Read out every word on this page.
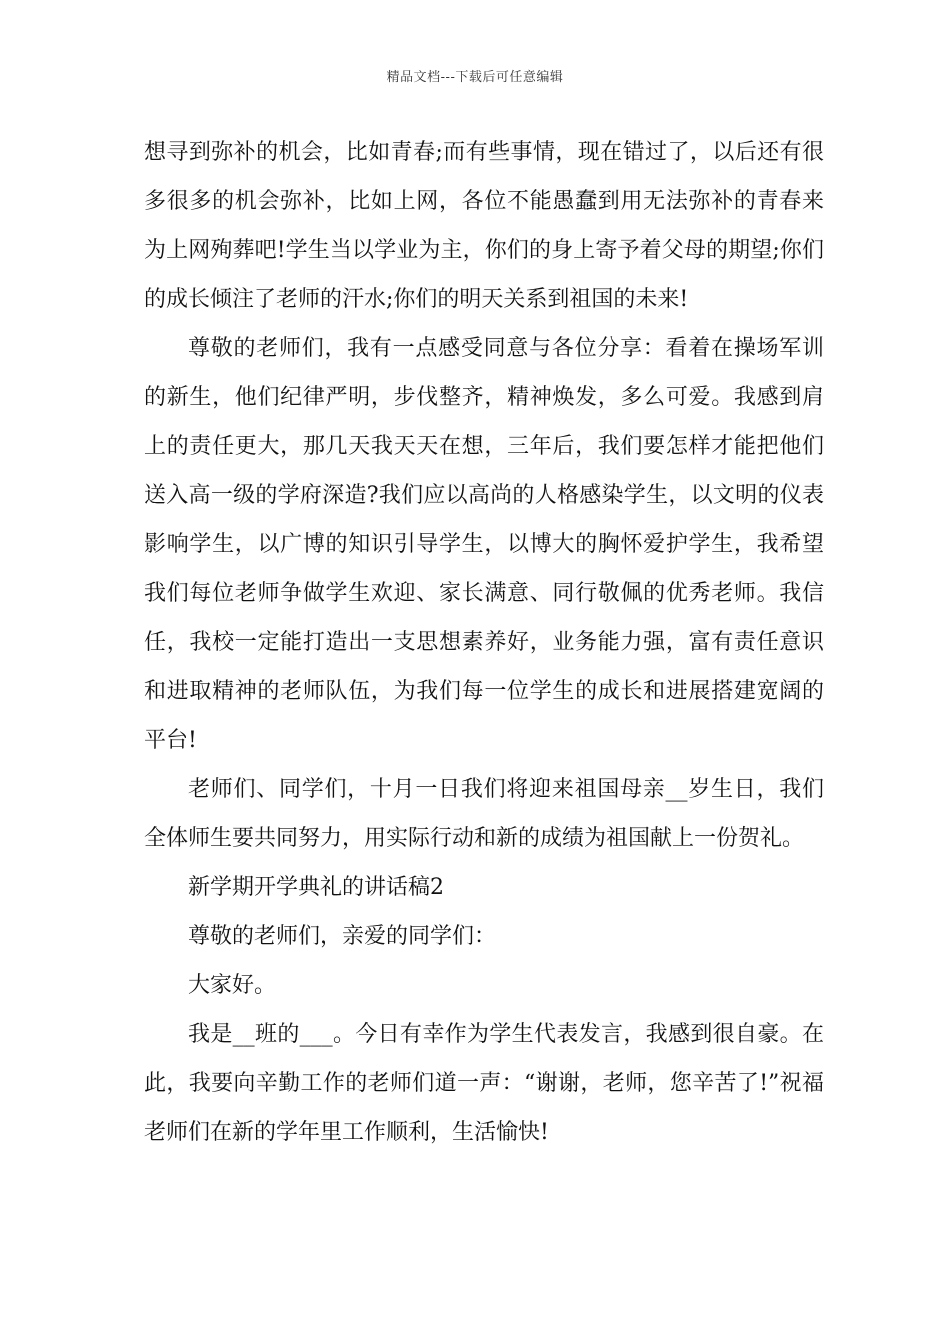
精品文档---下载后可任意编辑

想寻到弥补的机会，比如青春;而有些事情，现在错过了，以后还有很多很多的机会弥补，比如上网，各位不能愚蠢到用无法弥补的青春来为上网殉葬吧!学生当以学业为主，你们的身上寄予着父母的期望;你们的成长倾注了老师的汗水;你们的明天关系到祖国的未来!

尊敬的老师们，我有一点感受同意与各位分享：看着在操场军训的新生，他们纪律严明，步伐整齐，精神焕发，多么可爱。我感到肩上的责任更大，那几天我天天在想，三年后，我们要怎样才能把他们送入高一级的学府深造?我们应以高尚的人格感染学生，以文明的仪表影响学生，以广博的知识引导学生，以博大的胸怀爱护学生，我希望我们每位老师争做学生欢迎、家长满意、同行敬佩的优秀老师。我信任，我校一定能打造出一支思想素养好，业务能力强，富有责任意识和进取精神的老师队伍，为我们每一位学生的成长和进展搭建宽阔的平台!

老师们、同学们，十月一日我们将迎来祖国母亲__岁生日，我们全体师生要共同努力，用实际行动和新的成绩为祖国献上一份贺礼。

新学期开学典礼的讲话稿2

尊敬的老师们，亲爱的同学们：

大家好。

我是__班的___。今日有幸作为学生代表发言，我感到很自豪。在此，我要向辛勤工作的老师们道一声：“谢谢，老师，您辛苦了!”祝福老师们在新的学年里工作顺利，生活愉快!
